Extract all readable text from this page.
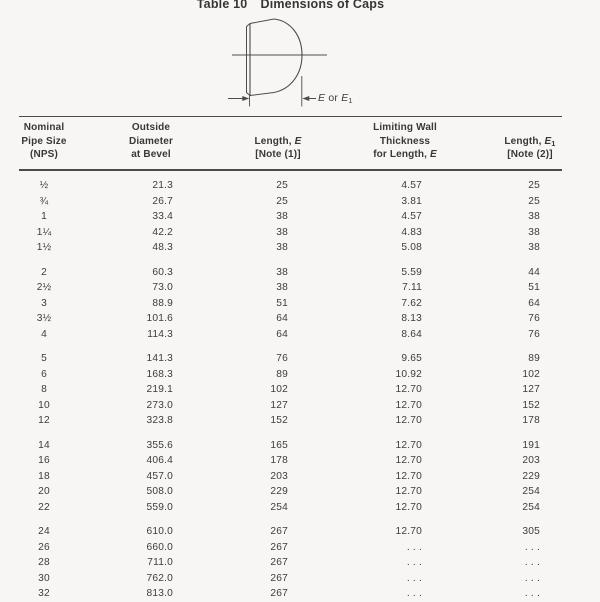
Table 10 Dimensions of Caps
E or $E_1$
Nominal
Pipe Size
(NPS)
Outside
Diameter
at Bevel
Length, E
[Note (1)]
Limiting Wall
Thickness
for Length, E
Length, $E_1$
[Note (2)]
½	21.3	25	4.57	25
¾	26.7	25	3.81	25
1	33.4	38	4.57	38
1¼	42.2	38	4.83	38
1½	48.3	38	5.08	38
2	60.3	38	5.59	44
2½	73.0	38	7.11	51
3	88.9	51	7.62	64
3½	101.6	64	8.13	76
4	114.3	64	8.64	76
5	141.3	76	9.65	89
6	168.3	89	10.92	102
8	219.1	102	12.70	127
10	273.0	127	12.70	152
12	323.8	152	12.70	178
14	355.6	165	12.70	191
16	406.4	178	12.70	203
18	457.0	203	12.70	229
20	508.0	229	12.70	254
22	559.0	254	12.70	254
24	610.0	267	12.70	305
26	660.0	267	. . .	. . .
28	711.0	267	. . .	. . .
30	762.0	267	. . .	. . .
32	813.0	267	. . .	. . .
